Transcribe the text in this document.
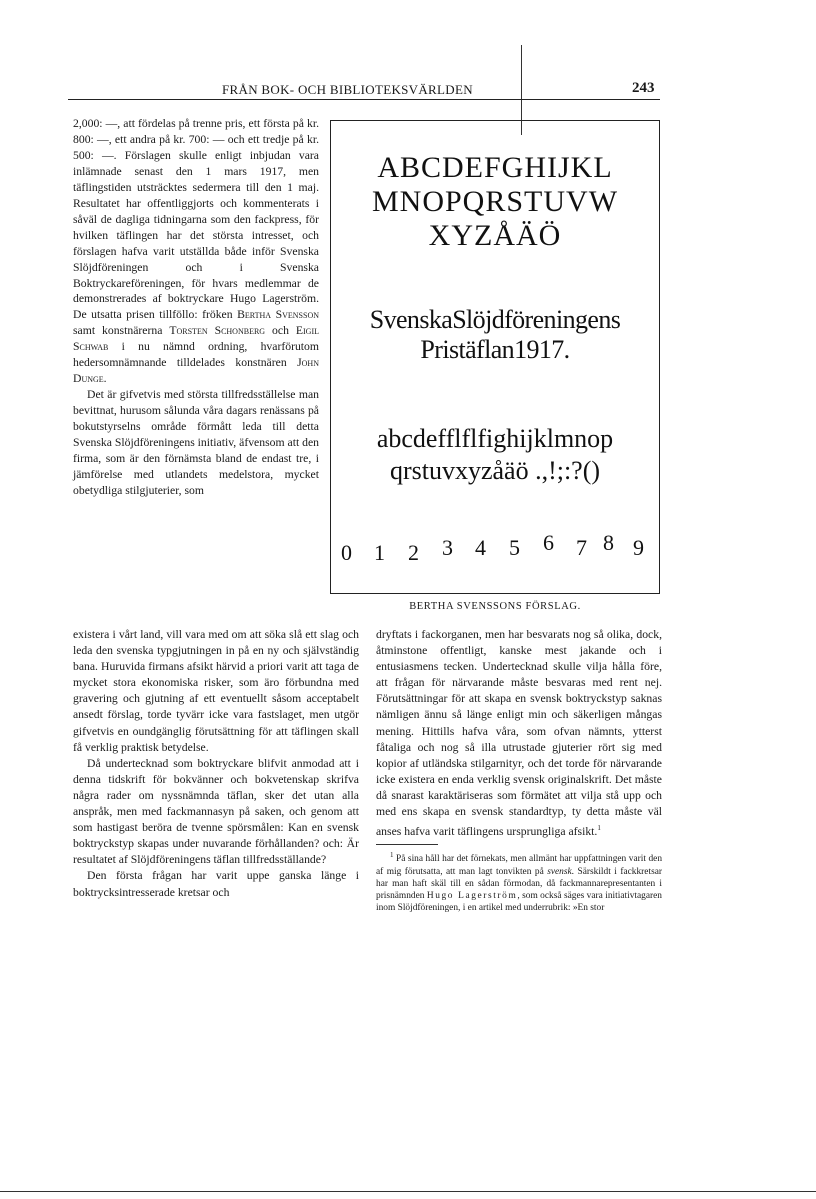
FRÅN BOK- OCH BIBLIOTEKSVÄRLDEN	243

2,000: —, att fördelas på trenne pris, ett första på kr. 800: —, ett andra på kr. 700: — och ett tredje på kr. 500: —. Förslagen skulle enligt inbjudan vara inlämnade senast den 1 mars 1917, men täflingstiden utsträcktes sedermera till den 1 maj. Resultatet har offentliggjorts och kommenterats i såväl de dagliga tidningarna som den fackpress, för hvilken täflingen har det största intresset, och förslagen hafva varit utställda både inför Svenska Slöjdföreningen och i Svenska Boktryckareföreningen, för hvars medlemmar de demonstrerades af boktryckare Hugo Lagerström. De utsatta prisen tillföllo: fröken Bertha Svensson samt konstnärerna Torsten Schonberg och Eigil Schwab i nu nämnd ordning, hvarförutom hedersomnämnande tilldelades konstnären John Dunge.

Det är gifvetvis med största tillfredsställelse man bevittnat, hurusom sålunda våra dagars renässans på bokutstyrselns område förmått leda till detta Svenska Slöjdföreningens initiativ, äfvensom att den firma, som är den förnämsta bland de endast tre, i jämförelse med utlandets medelstora, mycket obetydliga stilgjuterier, som

ABCDEFGHIJKL
MNOPQRSTUVW
XYZÅÄÖ
SvenskaSlöjdföreningens
Pristäflan1917.
abcdefflflfighijklmnop
qrstuvxyzåäö .,!;:?()
0 1 2 3 4 5 6 7 8 9
BERTHA SVENSSONS FÖRSLAG.

existera i vårt land, vill vara med om att söka slå ett slag och leda den svenska typgjutningen in på en ny och självständig bana. Huruvida firmans afsikt härvid a priori varit att taga de mycket stora ekonomiska risker, som äro förbundna med gravering och gjutning af ett eventuellt såsom acceptabelt ansedt förslag, torde tyvärr icke vara fastslaget, men utgör gifvetvis en oundgänglig förutsättning för att täflingen skall få verklig praktisk betydelse.

Då undertecknad som boktryckare blifvit anmodad att i denna tidskrift för bokvänner och bokvetenskap skrifva några rader om nyssnämnda täflan, sker det utan alla anspråk, men med fackmannasyn på saken, och genom att som hastigast beröra de tvenne spörsmålen: Kan en svensk boktryckstyp skapas under nuvarande förhållanden? och: Är resultatet af Slöjdföreningens täflan tillfredsställande?

Den första frågan har varit uppe ganska länge i boktrycksintresserade kretsar och

dryftats i fackorganen, men har besvarats nog så olika, dock, åtminstone offentligt, kanske mest jakande och i entusiasmens tecken. Undertecknad skulle vilja hålla före, att frågan för närvarande måste besvaras med rent nej. Förutsättningar för att skapa en svensk boktryckstyp saknas nämligen ännu så länge enligt min och säkerligen mångas mening. Hittills hafva våra, som ofvan nämnts, ytterst fåtaliga och nog så illa utrustade gjuterier rört sig med kopior af utländska stilgarnityr, och det torde för närvarande icke existera en enda verklig svensk originalskrift. Det måste då snarast karaktäriseras som förmätet att vilja stå upp och med ens skapa en svensk standardtyp, ty detta måste väl anses hafva varit täflingens ursprungliga afsikt.$^1$

$^1$ På sina håll har det förnekats, men allmänt har uppfattningen varit den af mig förutsatta, att man lagt tonvikten på svensk. Särskildt i fackkretsar har man haft skäl till en sådan förmodan, då fackmannarepresentanten i prisnämnden Hugo Lagerström, som också säges vara initiativtagaren inom Slöjdföreningen, i en artikel med underrubrik: »En stor
